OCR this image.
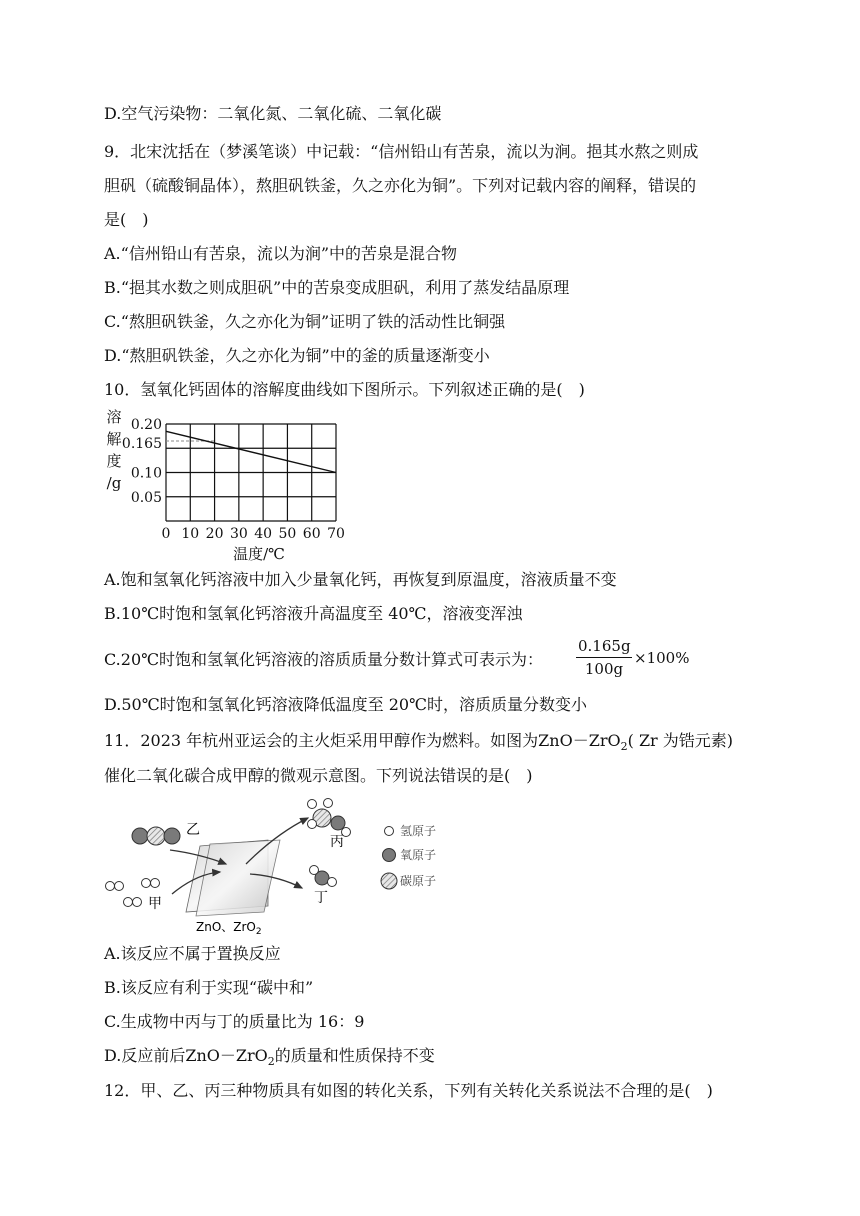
D.空气污染物：二氧化氮、二氧化硫、二氧化碳
9．北宋沈括在（梦溪笔谈）中记载：“信州铅山有苦泉，流以为涧。挹其水熬之则成
胆矾（硫酸铜晶体），熬胆矾铁釜，久之亦化为铜”。下列对记载内容的阐释，错误的
是(　)
A.“信州铅山有苦泉，流以为涧”中的苦泉是混合物
B.“挹其水数之则成胆矾”中的苦泉变成胆矾，利用了蒸发结晶原理
C.“熬胆矾铁釜，久之亦化为铜”证明了铁的活动性比铜强
D.“熬胆矾铁釜，久之亦化为铜”中的釜的质量逐渐变小
10．氢氧化钙固体的溶解度曲线如下图所示。下列叙述正确的是(　)
0 10 20 30 40 50 60 70
0.20
0.165
0.10
0.05
溶
解
度
/g
温度/℃
A.饱和氢氧化钙溶液中加入少量氧化钙，再恢复到原温度，溶液质量不变
B.10℃时饱和氢氧化钙溶液升高温度至 40℃，溶液变浑浊
C.20℃时饱和氢氧化钙溶液的溶质质量分数计算式可表示为：
0.165g
100g
×100%
D.50℃时饱和氢氧化钙溶液降低温度至 20℃时，溶质质量分数变小
11．2023 年杭州亚运会的主火炬采用甲醇作为燃料。如图为ZnO－ZrO$_2$( Zr 为锆元素)
催化二氧化碳合成甲醇的微观示意图。下列说法错误的是(　)
乙
甲
丙
丁
氢原子
氧原子
碳原子
ZnO、ZrO$_2$
A.该反应不属于置换反应
B.该反应有利于实现“碳中和”
C.生成物中丙与丁的质量比为 16：9
D.反应前后ZnO－ZrO$_2$的质量和性质保持不变
12．甲、乙、丙三种物质具有如图的转化关系，下列有关转化关系说法不合理的是(　)
